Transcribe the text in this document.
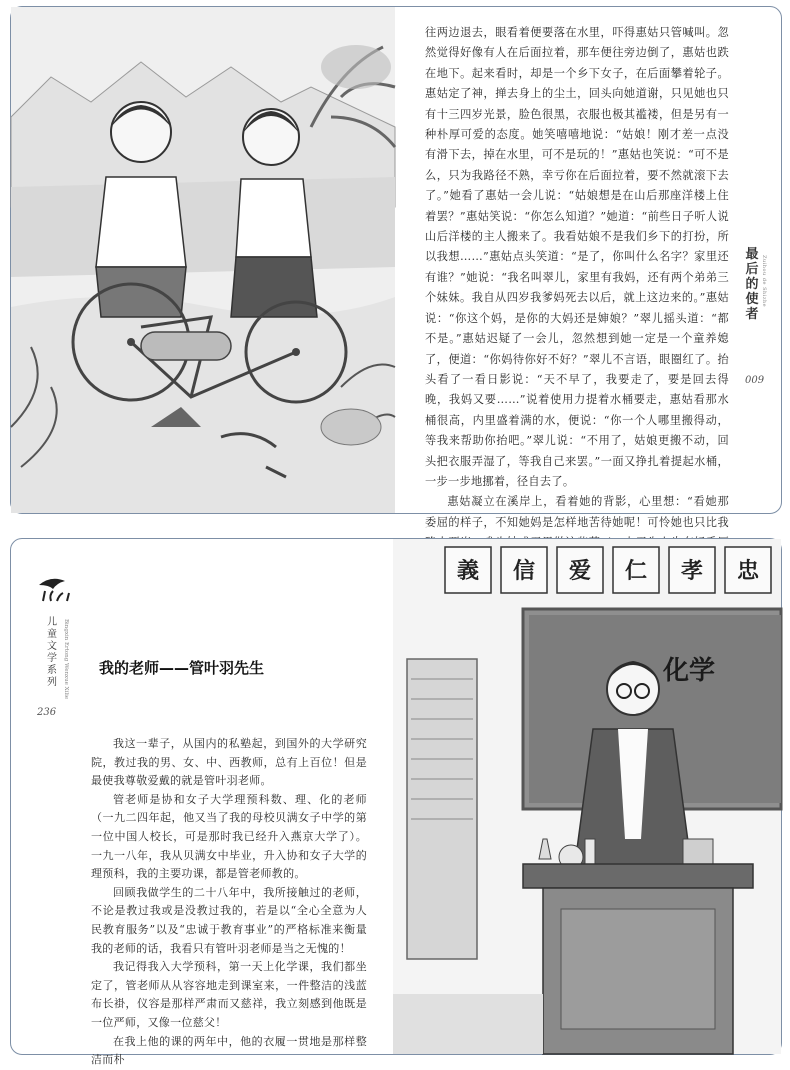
往两边退去，眼看着便要落在水里，吓得惠姑只管喊叫。忽然觉得好像有人在后面拉着，那车便往旁边倒了，惠姑也跌在地下。起来看时，却是一个乡下女子，在后面攀着轮子。惠姑定了神，掸去身上的尘土，回头向她道谢，只见她也只有十三四岁光景，脸色很黑，衣服也极其褴褛，但是另有一种朴厚可爱的态度。她笑嘻嘻地说：“姑娘！刚才差一点没有滑下去，掉在水里，可不是玩的！”惠姑也笑说：“可不是么，只为我路径不熟，幸亏你在后面拉着，要不然就滚下去了。”她看了惠姑一会儿说：“姑娘想是在山后那座洋楼上住着罢？”惠姑笑说：“你怎么知道？”她道：“前些日子听人说山后洋楼的主人搬来了。我看姑娘不是我们乡下的打扮，所以我想……”惠姑点头笑道：“是了，你叫什么名字？家里还有谁？”她说：“我名叫翠儿，家里有我妈，还有两个弟弟三个妹妹。我自从四岁我爹妈死去以后，就上这边来的。”惠姑说：“你这个妈，是你的大妈还是婶娘？”翠儿摇头道：“都不是。”惠姑迟疑了一会儿，忽然想到她一定是一个童养媳了，便道：“你妈待你好不好？”翠儿不言语，眼圈红了。抬头看了一看日影说：“天不早了，我要走了，要是回去得晚，我妈又要……”说着使用力提着水桶要走，惠姑看那水桶很高，内里盛着满的水，便说：“你一个人哪里搬得动，等我来帮助你抬吧。”翠儿说：“不用了，姑娘更搬不动，回头把衣服弄湿了，等我自己来罢。”一面又挣扎着提起水桶，一步一步地挪着，径自去了。

惠姑凝立在溪岸上，看着她的背影，心里想：“看她那委屈的样子，不知她妈是怎样地苦待她呢！可怜她也只比我

最后的使者
Zuihou de Shizhe
009
儿童文学系列	Bingxin Ertong Wenxue Xilie
236
我的老师——管叶羽先生

我这一辈子，从国内的私塾起，到国外的大学研究院，教过我的男、女、中、西教师，总有上百位！但是最使我尊敬爱戴的就是管叶羽老师。

管老师是协和女子大学理预科数、理、化的老师（一九二四年起，他又当了我的母校贝满女子中学的第一位中国人校长，可是那时我已经升入燕京大学了）。一九一八年，我从贝满女中毕业，升入协和女子大学的理预科，我的主要功课，都是管老师教的。

回顾我做学生的二十八年中，我所接触过的老师，不论是教过我或是没教过我的，若是以“全心全意为人民教育服务”以及“忠诚于教育事业”的严格标准来衡量我的老师的话，我看只有管叶羽老师是当之无愧的！

我记得我入大学预科，第一天上化学课，我们都坐定了，管老师从从容容地走到课室来，一件整洁的浅蓝布长褂，仪容是那样严肃而又慈祥，我立刻感到他既是一位严师，又像一位慈父！

在我上他的课的两年中，他的衣履一贯地是那样整洁而朴

義 信 爱 仁 孝 忠
化学
